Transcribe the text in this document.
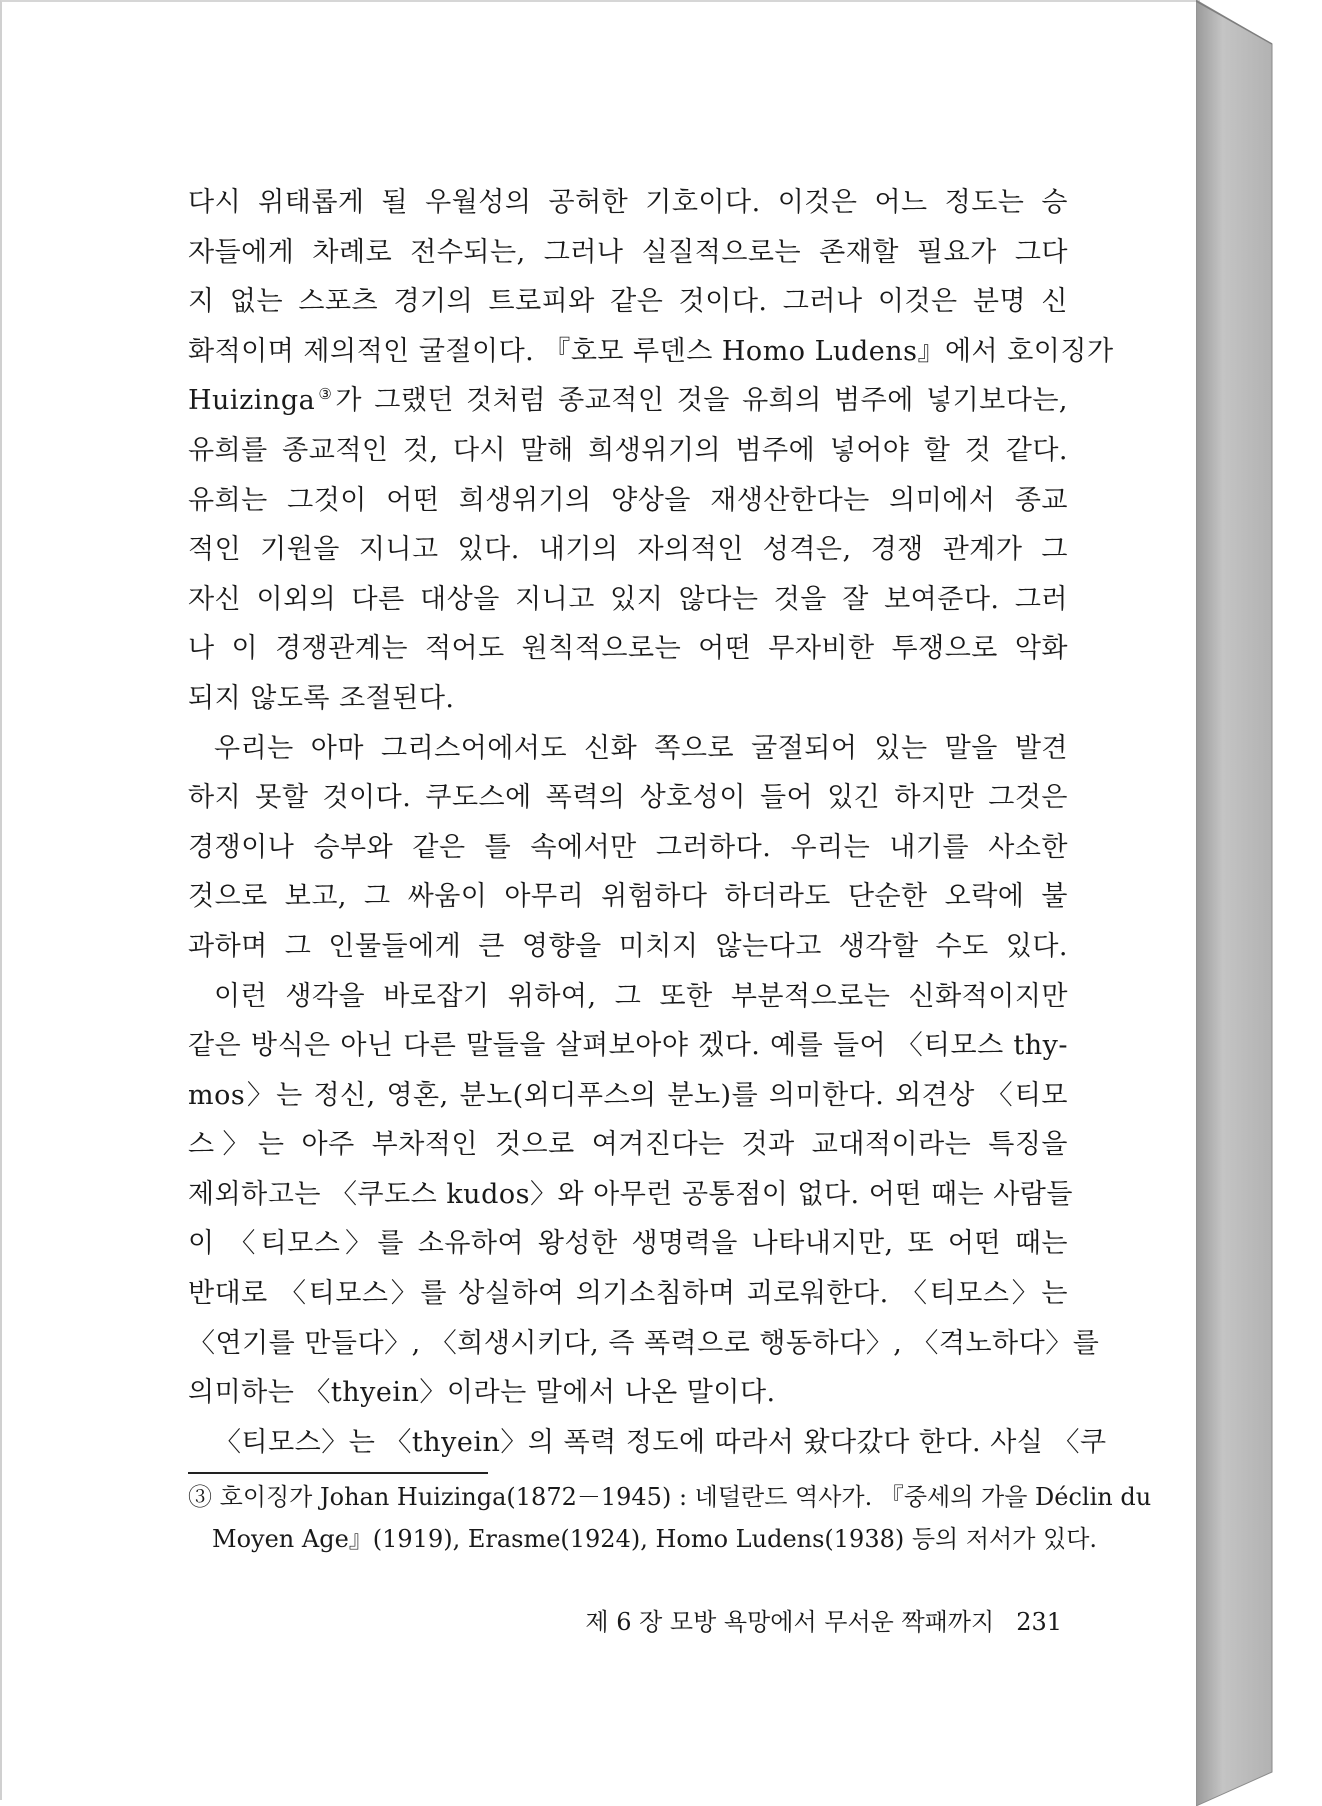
다시 위태롭게 될 우월성의 공허한 기호이다. 이것은 어느 정도는 승
자들에게 차례로 전수되는, 그러나 실질적으로는 존재할 필요가 그다
지 없는 스포츠 경기의 트로피와 같은 것이다. 그러나 이것은 분명 신
화적이며 제의적인 굴절이다. 『호모 루덴스 Homo Ludens』에서 호이징가
Huizinga③가 그랬던 것처럼 종교적인 것을 유희의 범주에 넣기보다는,
유희를 종교적인 것, 다시 말해 희생위기의 범주에 넣어야 할 것 같다.
유희는 그것이 어떤 희생위기의 양상을 재생산한다는 의미에서 종교
적인 기원을 지니고 있다. 내기의 자의적인 성격은, 경쟁 관계가 그
자신 이외의 다른 대상을 지니고 있지 않다는 것을 잘 보여준다. 그러
나 이 경쟁관계는 적어도 원칙적으로는 어떤 무자비한 투쟁으로 악화
되지 않도록 조절된다.
우리는 아마 그리스어에서도 신화 쪽으로 굴절되어 있는 말을 발견
하지 못할 것이다. 쿠도스에 폭력의 상호성이 들어 있긴 하지만 그것은
경쟁이나 승부와 같은 틀 속에서만 그러하다. 우리는 내기를 사소한
것으로 보고, 그 싸움이 아무리 위험하다 하더라도 단순한 오락에 불
과하며 그 인물들에게 큰 영향을 미치지 않는다고 생각할 수도 있다.
이런 생각을 바로잡기 위하여, 그 또한 부분적으로는 신화적이지만
같은 방식은 아닌 다른 말들을 살펴보아야 겠다. 예를 들어 〈티모스 thy-
mos〉는 정신, 영혼, 분노(외디푸스의 분노)를 의미한다. 외견상 〈티모
스〉는 아주 부차적인 것으로 여겨진다는 것과 교대적이라는 특징을
제외하고는 〈쿠도스 kudos〉와 아무런 공통점이 없다. 어떤 때는 사람들
이 〈티모스〉를 소유하여 왕성한 생명력을 나타내지만, 또 어떤 때는
반대로 〈티모스〉를 상실하여 의기소침하며 괴로워한다. 〈티모스〉는
〈연기를 만들다〉, 〈희생시키다, 즉 폭력으로 행동하다〉, 〈격노하다〉를
의미하는 〈thyein〉이라는 말에서 나온 말이다.
〈티모스〉는 〈thyein〉의 폭력 정도에 따라서 왔다갔다 한다. 사실 〈쿠
③ 호이징가 Johan Huizinga(1872－1945) : 네덜란드 역사가. 『중세의 가을 Déclin du
Moyen Age』(1919), Erasme(1924), Homo Ludens(1938) 등의 저서가 있다.
제 6 장 모방 욕망에서 무서운 짝패까지 231
